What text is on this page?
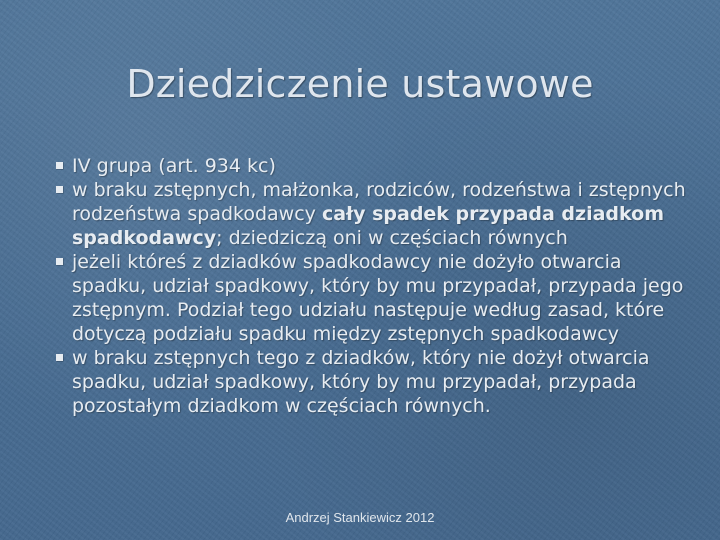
Dziedziczenie ustawowe
IV grupa (art. 934 kc)
w braku zstępnych, małżonka, rodziców, rodzeństwa i zstępnych rodzeństwa spadkodawcy cały spadek przypada dziadkom spadkodawcy; dziedziczą oni w częściach równych
jeżeli któreś z dziadków spadkodawcy nie dożyło otwarcia spadku, udział spadkowy, który by mu przypadał, przypada jego zstępnym. Podział tego udziału następuje według zasad, które dotyczą podziału spadku między zstępnych spadkodawcy
w braku zstępnych tego z dziadków, który nie dożył otwarcia spadku, udział spadkowy, który by mu przypadał, przypada pozostałym dziadkom w częściach równych.
Andrzej Stankiewicz 2012
